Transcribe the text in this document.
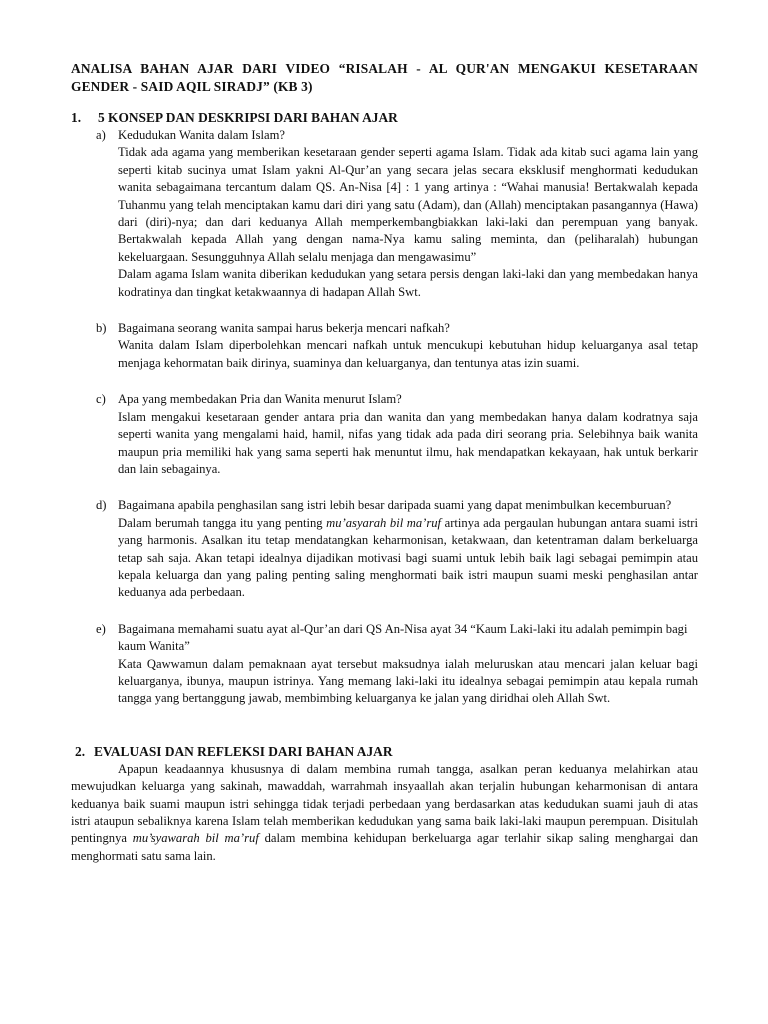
ANALISA BAHAN AJAR DARI VIDEO “RISALAH - AL QUR'AN MENGAKUI KESETARAAN GENDER - SAID AQIL SIRADJ” (KB 3)
1.	5 KONSEP DAN DESKRIPSI DARI BAHAN AJAR
a) Kedudukan Wanita dalam Islam?

Tidak ada agama yang memberikan kesetaraan gender seperti agama Islam. Tidak ada kitab suci agama lain yang seperti kitab sucinya umat Islam yakni Al-Qur’an yang secara jelas secara eksklusif menghormati kedudukan wanita sebagaimana tercantum dalam QS. An-Nisa [4] : 1 yang artinya : “Wahai manusia! Bertakwalah kepada Tuhanmu yang telah menciptakan kamu dari diri yang satu (Adam), dan (Allah) menciptakan pasangannya (Hawa) dari (diri)-nya; dan dari keduanya Allah memperkembangbiakkan laki-laki dan perempuan yang banyak. Bertakwalah kepada Allah yang dengan nama-Nya kamu saling meminta, dan (peliharalah) hubungan kekeluargaan. Sesungguhnya Allah selalu menjaga dan mengawasimu”

Dalam agama Islam wanita diberikan kedudukan yang setara persis dengan laki-laki dan yang membedakan hanya kodratinya dan tingkat ketakwaannya di hadapan Allah Swt.

b) Bagaimana seorang wanita sampai harus bekerja mencari nafkah?

Wanita dalam Islam diperbolehkan mencari nafkah untuk mencukupi kebutuhan hidup keluarganya asal tetap menjaga kehormatan baik dirinya, suaminya dan keluarganya, dan tentunya atas izin suami.

c) Apa yang membedakan Pria dan Wanita menurut Islam?

Islam mengakui kesetaraan gender antara pria dan wanita dan yang membedakan hanya dalam kodratnya saja seperti wanita yang mengalami haid, hamil, nifas yang tidak ada pada diri seorang pria. Selebihnya baik wanita maupun pria memiliki hak yang sama seperti hak menuntut ilmu, hak mendapatkan kekayaan, hak untuk berkarir dan lain sebagainya.

d) Bagaimana apabila penghasilan sang istri lebih besar daripada suami yang dapat menimbulkan kecemburuan?

Dalam berumah tangga itu yang penting mu’asyarah bil ma’ruf artinya ada pergaulan hubungan antara suami istri yang harmonis. Asalkan itu tetap mendatangkan keharmonisan, ketakwaan, dan ketentraman dalam berkeluarga tetap sah saja. Akan tetapi idealnya dijadikan motivasi bagi suami untuk lebih baik lagi sebagai pemimpin atau kepala keluarga dan yang paling penting saling menghormati baik istri maupun suami meski penghasilan antar keduanya ada perbedaan.

e) Bagaimana memahami suatu ayat al-Qur’an dari QS An-Nisa ayat 34 “Kaum Laki-laki itu adalah pemimpin bagi kaum Wanita”

Kata Qawwamun dalam pemaknaan ayat tersebut maksudnya ialah meluruskan atau mencari jalan keluar bagi keluarganya, ibunya, maupun istrinya. Yang memang laki-laki itu idealnya sebagai pemimpin atau kepala rumah tangga yang bertanggung jawab, membimbing keluarganya ke jalan yang diridhai oleh Allah Swt.

2. EVALUASI DAN REFLEKSI DARI BAHAN AJAR

Apapun keadaannya khususnya di dalam membina rumah tangga, asalkan peran keduanya melahirkan atau mewujudkan keluarga yang sakinah, mawaddah, warrahmah insyaallah akan terjalin hubungan keharmonisan di antara keduanya baik suami maupun istri sehingga tidak terjadi perbedaan yang berdasarkan atas kedudukan suami jauh di atas istri ataupun sebaliknya karena Islam telah memberikan kedudukan yang sama baik laki-laki maupun perempuan. Disitulah pentingnya mu’syawarah bil ma’ruf dalam membina kehidupan berkeluarga agar terlahir sikap saling menghargai dan menghormati satu sama lain.
